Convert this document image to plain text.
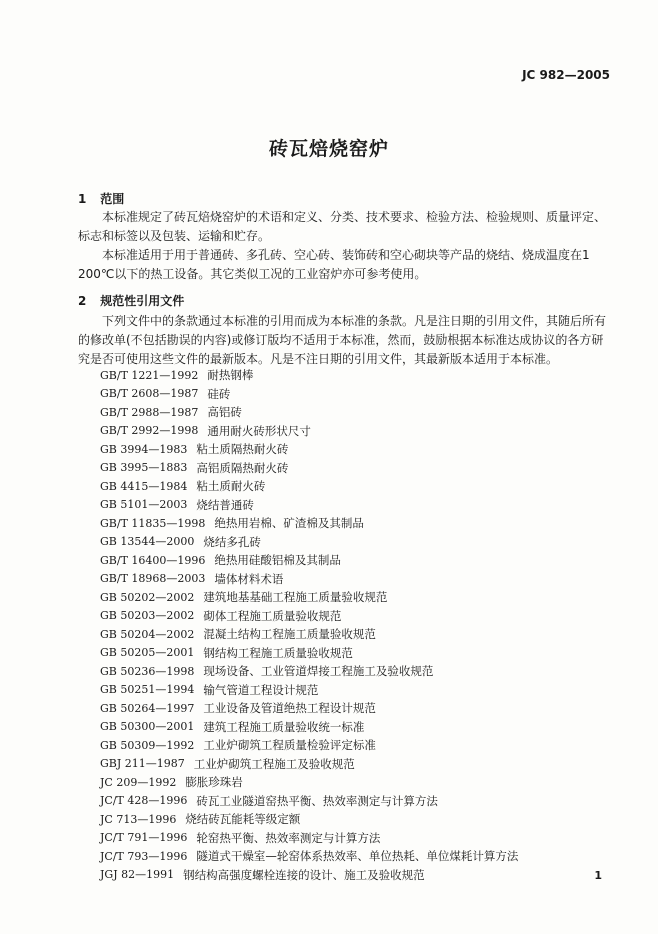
JC 982—2005
砖瓦焙烧窑炉
1 范围

本标准规定了砖瓦焙烧窑炉的术语和定义、分类、技术要求、检验方法、检验规则、质量评定、标志和标签以及包装、运输和贮存。

本标准适用于用于普通砖、多孔砖、空心砖、装饰砖和空心砌块等产品的烧结、烧成温度在1 200℃以下的热工设备。其它类似工况的工业窑炉亦可参考使用。

2 规范性引用文件

下列文件中的条款通过本标准的引用而成为本标准的条款。凡是注日期的引用文件，其随后所有的修改单(不包括勘误的内容)或修订版均不适用于本标准，然而，鼓励根据本标准达成协议的各方研究是否可使用这些文件的最新版本。凡是不注日期的引用文件，其最新版本适用于本标准。

GB/T 1221—1992 耐热钢棒
GB/T 2608—1987 硅砖
GB/T 2988—1987 高铝砖
GB/T 2992—1998 通用耐火砖形状尺寸
GB 3994—1983 粘土质隔热耐火砖
GB 3995—1883 高铝质隔热耐火砖
GB 4415—1984 粘土质耐火砖
GB 5101—2003 烧结普通砖
GB/T 11835—1998 绝热用岩棉、矿渣棉及其制品
GB 13544—2000 烧结多孔砖
GB/T 16400—1996 绝热用硅酸铝棉及其制品
GB/T 18968—2003 墙体材料术语
GB 50202—2002 建筑地基基础工程施工质量验收规范
GB 50203—2002 砌体工程施工质量验收规范
GB 50204—2002 混凝土结构工程施工质量验收规范
GB 50205—2001 钢结构工程施工质量验收规范
GB 50236—1998 现场设备、工业管道焊接工程施工及验收规范
GB 50251—1994 输气管道工程设计规范
GB 50264—1997 工业设备及管道绝热工程设计规范
GB 50300—2001 建筑工程施工质量验收统一标准
GB 50309—1992 工业炉砌筑工程质量检验评定标准
GBJ 211—1987 工业炉砌筑工程施工及验收规范
JC 209—1992 膨胀珍珠岩
JC/T 428—1996 砖瓦工业隧道窑热平衡、热效率测定与计算方法
JC 713—1996 烧结砖瓦能耗等级定额
JC/T 791—1996 轮窑热平衡、热效率测定与计算方法
JC/T 793—1996 隧道式干燥室—轮窑体系热效率、单位热耗、单位煤耗计算方法
JGJ 82—1991 钢结构高强度螺栓连接的设计、施工及验收规范	1
